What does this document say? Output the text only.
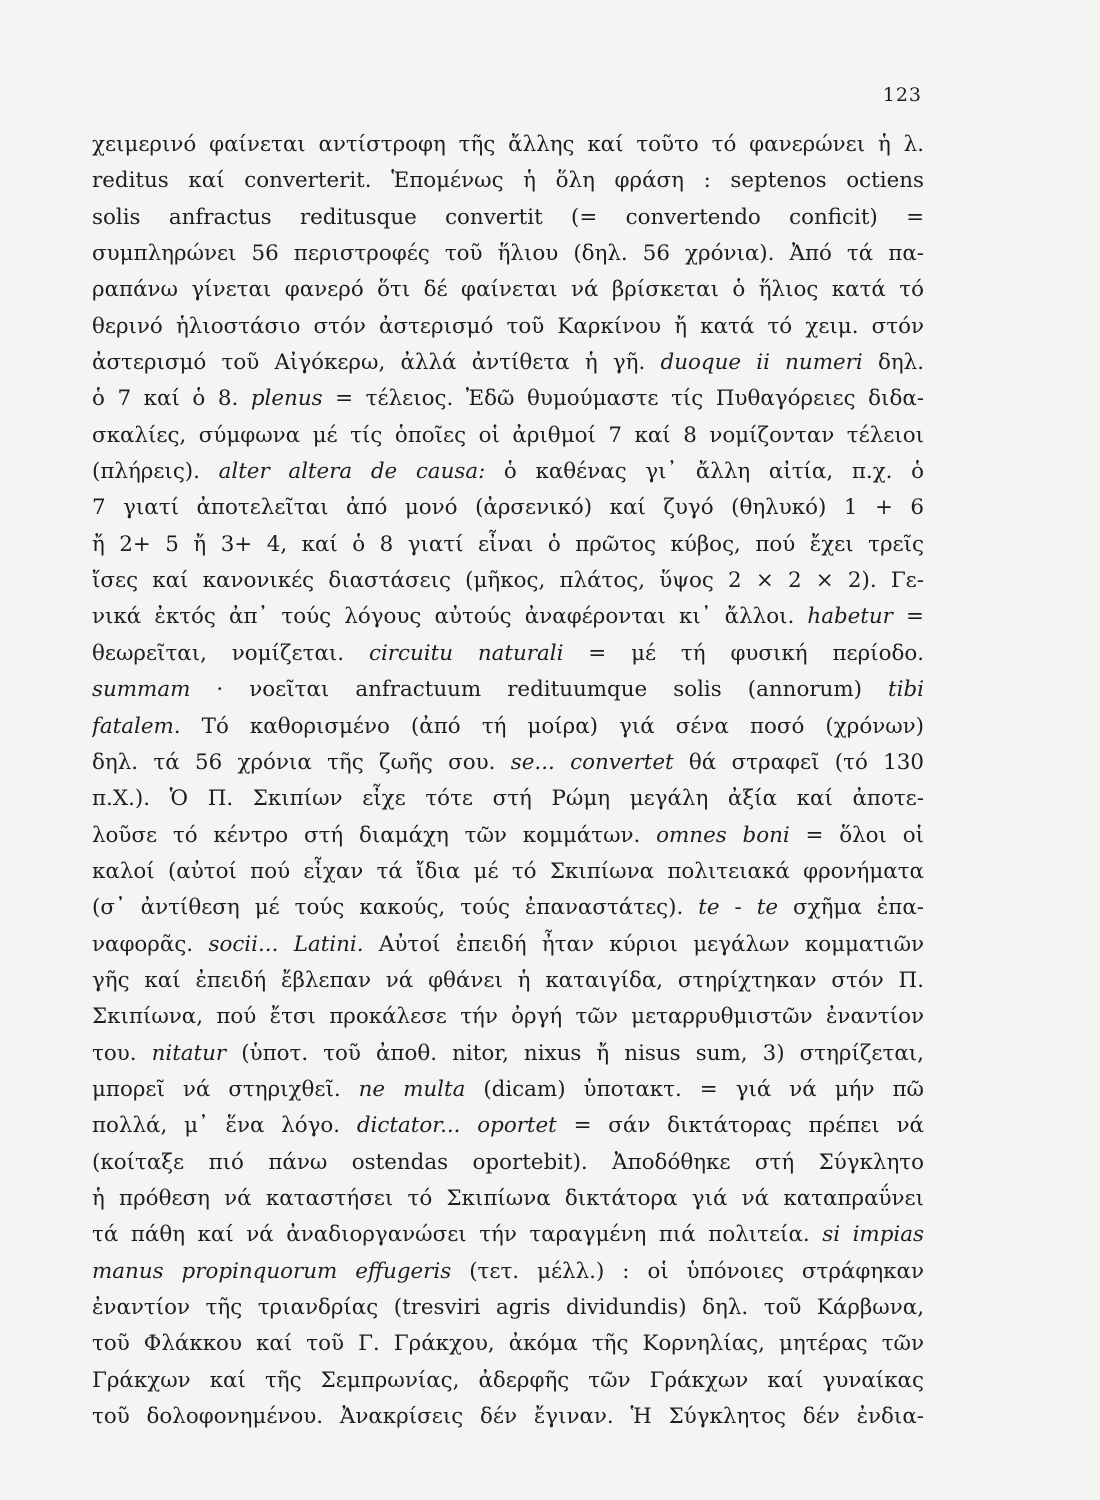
123
χειμερινό φαίνεται αντίστροφη τῆς ἄλλης καί τοῦτο τό φανερώνει ἡ λ.
reditus καί converterit. Ἑπομένως ἡ ὅλη φράση : septenos octiens
solis anfractus reditusque convertit (= convertendo conficit) =
συμπληρώνει 56 περιστροφές τοῦ ἥλιου (δηλ. 56 χρόνια). Ἀπό τά πα-
ραπάνω γίνεται φανερό ὅτι δέ φαίνεται νά βρίσκεται ὁ ἥλιος κατά τό
θερινό ἡλιοστάσιο στόν ἀστερισμό τοῦ Καρκίνου ἤ κατά τό χειμ. στόν
ἀστερισμό τοῦ Αἰγόκερω, ἀλλά ἀντίθετα ἡ γῆ. duoque ii numeri δηλ.
ὁ 7 καί ὁ 8. plenus = τέλειος. Ἐδῶ θυμούμαστε τίς Πυθαγόρειες διδα-
σκαλίες, σύμφωνα μέ τίς ὁποῖες οἱ ἀριθμοί 7 καί 8 νομίζονταν τέλειοι
(πλήρεις). alter altera de causa: ὁ καθένας γι᾽ ἄλλη αἰτία, π.χ. ὁ
7 γιατί ἀποτελεῖται ἀπό μονό (ἀρσενικό) καί ζυγό (θηλυκό) 1 + 6
ἤ 2+ 5 ἤ 3+ 4, καί ὁ 8 γιατί εἶναι ὁ πρῶτος κύβος, πού ἔχει τρεῖς
ἴσες καί κανονικές διαστάσεις (μῆκος, πλάτος, ὕψος 2 × 2 × 2). Γε-
νικά ἐκτός ἀπ᾽ τούς λόγους αὐτούς ἀναφέρονται κι᾽ ἄλλοι. habetur =
θεωρεῖται, νομίζεται. circuitu naturali = μέ τή φυσική περίοδο.
summam · νοεῖται anfractuum redituumque solis (annorum) tibi
fatalem. Τό καθορισμένο (ἀπό τή μοίρα) γιά σένα ποσό (χρόνων)
δηλ. τά 56 χρόνια τῆς ζωῆς σου. se... convertet θά στραφεῖ (τό 130
π.Χ.). Ὁ Π. Σκιπίων εἶχε τότε στή Ρώμη μεγάλη ἀξία καί ἀποτε-
λοῦσε τό κέντρο στή διαμάχη τῶν κομμάτων. omnes boni = ὅλοι οἱ
καλοί (αὐτοί πού εἶχαν τά ἴδια μέ τό Σκιπίωνα πολιτειακά φρονήματα
(σ᾽ ἀντίθεση μέ τούς κακούς, τούς ἐπαναστάτες). te - te σχῆμα ἐπα-
ναφορᾶς. socii... Latini. Αὐτοί ἐπειδή ἦταν κύριοι μεγάλων κομματιῶν
γῆς καί ἐπειδή ἔβλεπαν νά φθάνει ἡ καταιγίδα, στηρίχτηκαν στόν Π.
Σκιπίωνα, πού ἔτσι προκάλεσε τήν ὀργή τῶν μεταρρυθμιστῶν ἐναντίον
του. nitatur (ὑποτ. τοῦ ἀποθ. nitor, nixus ἤ nisus sum, 3) στηρίζεται,
μπορεῖ νά στηριχθεῖ. ne multa (dicam) ὑποτακτ. = γιά νά μήν πῶ
πολλά, μ᾽ ἕνα λόγο. dictator... oportet = σάν δικτάτορας πρέπει νά
(κοίταξε πιό πάνω ostendas oportebit). Ἀποδόθηκε στή Σύγκλητο
ἡ πρόθεση νά καταστήσει τό Σκιπίωνα δικτάτορα γιά νά καταπραΰνει
τά πάθη καί νά ἀναδιοργανώσει τήν ταραγμένη πιά πολιτεία. si impias
manus propinquorum effugeris (τετ. μέλλ.) : οἱ ὑπόνοιες στράφηκαν
ἐναντίον τῆς τριανδρίας (tresviri agris dividundis) δηλ. τοῦ Κάρβωνα,
τοῦ Φλάκκου καί τοῦ Γ. Γράκχου, ἀκόμα τῆς Κορνηλίας, μητέρας τῶν
Γράκχων καί τῆς Σεμπρωνίας, ἀδερφῆς τῶν Γράκχων καί γυναίκας
τοῦ δολοφονημένου. Ἀνακρίσεις δέν ἔγιναν. Ἡ Σύγκλητος δέν ἐνδια-
